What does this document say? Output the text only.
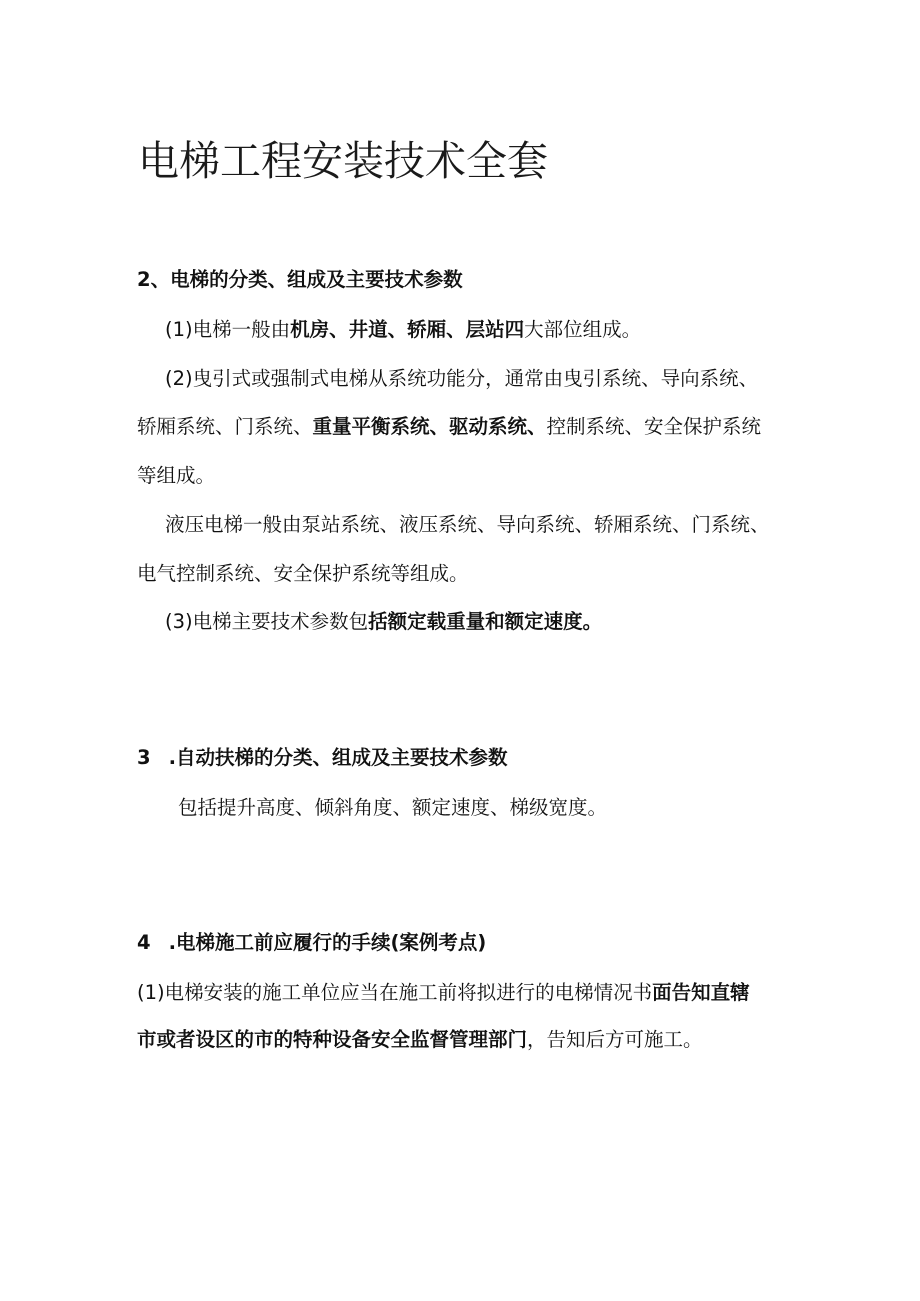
电梯工程安装技术全套
2、电梯的分类、组成及主要技术参数
(1)电梯一般由机房、井道、轿厢、层站四大部位组成。
(2)曳引式或强制式电梯从系统功能分，通常由曳引系统、导向系统、
轿厢系统、门系统、重量平衡系统、驱动系统、控制系统、安全保护系统
等组成。
液压电梯一般由泵站系统、液压系统、导向系统、轿厢系统、门系统、
电气控制系统、安全保护系统等组成。
(3)电梯主要技术参数包括额定载重量和额定速度。
3 .自动扶梯的分类、组成及主要技术参数
包括提升高度、倾斜角度、额定速度、梯级宽度。
4 .电梯施工前应履行的手续(案例考点)
(1)电梯安装的施工单位应当在施工前将拟进行的电梯情况书面告知直辖
市或者设区的市的特种设备安全监督管理部门，告知后方可施工。
